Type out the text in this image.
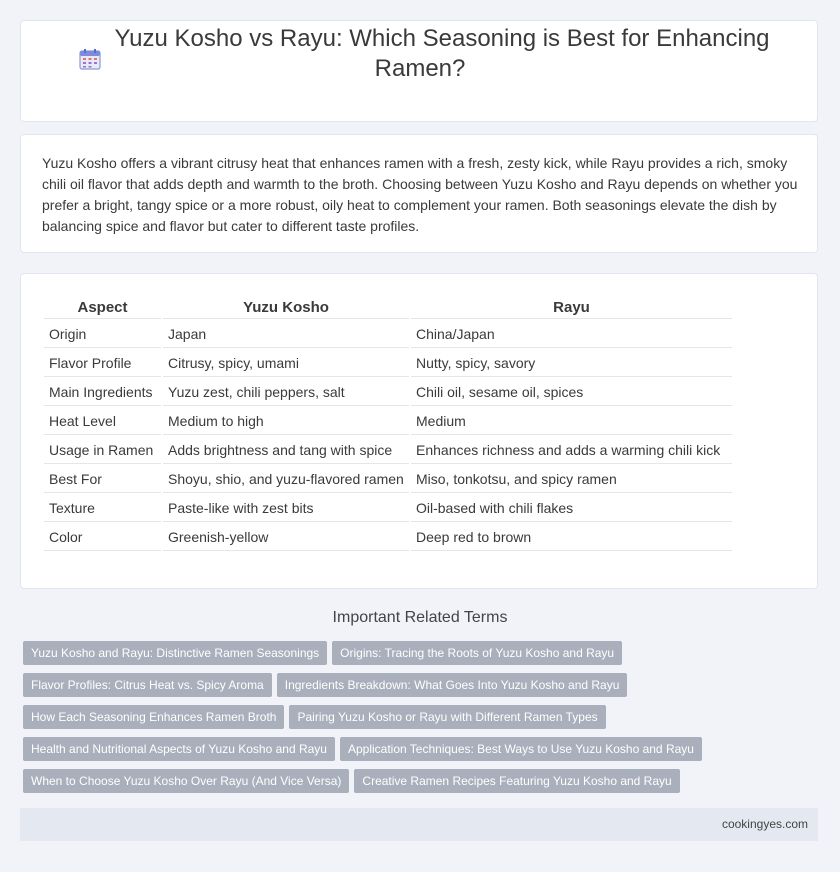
Yuzu Kosho vs Rayu: Which Seasoning is Best for Enhancing
Ramen?
Yuzu Kosho offers a vibrant citrusy heat that enhances ramen with a fresh, zesty kick, while Rayu provides a rich, smoky chili oil flavor that adds depth and warmth to the broth. Choosing between Yuzu Kosho and Rayu depends on whether you prefer a bright, tangy spice or a more robust, oily heat to complement your ramen. Both seasonings elevate the dish by balancing spice and flavor but cater to different taste profiles.
Aspect	Yuzu Kosho	Rayu
Origin	Japan	China/Japan
Flavor Profile	Citrusy, spicy, umami	Nutty, spicy, savory
Main Ingredients	Yuzu zest, chili peppers, salt	Chili oil, sesame oil, spices
Heat Level	Medium to high	Medium
Usage in Ramen	Adds brightness and tang with spice	Enhances richness and adds a warming chili kick
Best For	Shoyu, shio, and yuzu-flavored ramen	Miso, tonkotsu, and spicy ramen
Texture	Paste-like with zest bits	Oil-based with chili flakes
Color	Greenish-yellow	Deep red to brown
Important Related Terms
Yuzu Kosho and Rayu: Distinctive Ramen Seasonings Origins: Tracing the Roots of Yuzu Kosho and Rayu
Flavor Profiles: Citrus Heat vs. Spicy Aroma Ingredients Breakdown: What Goes Into Yuzu Kosho and Rayu
How Each Seasoning Enhances Ramen Broth Pairing Yuzu Kosho or Rayu with Different Ramen Types
Health and Nutritional Aspects of Yuzu Kosho and Rayu Application Techniques: Best Ways to Use Yuzu Kosho and Rayu
When to Choose Yuzu Kosho Over Rayu (And Vice Versa) Creative Ramen Recipes Featuring Yuzu Kosho and Rayu
cookingyes.com
